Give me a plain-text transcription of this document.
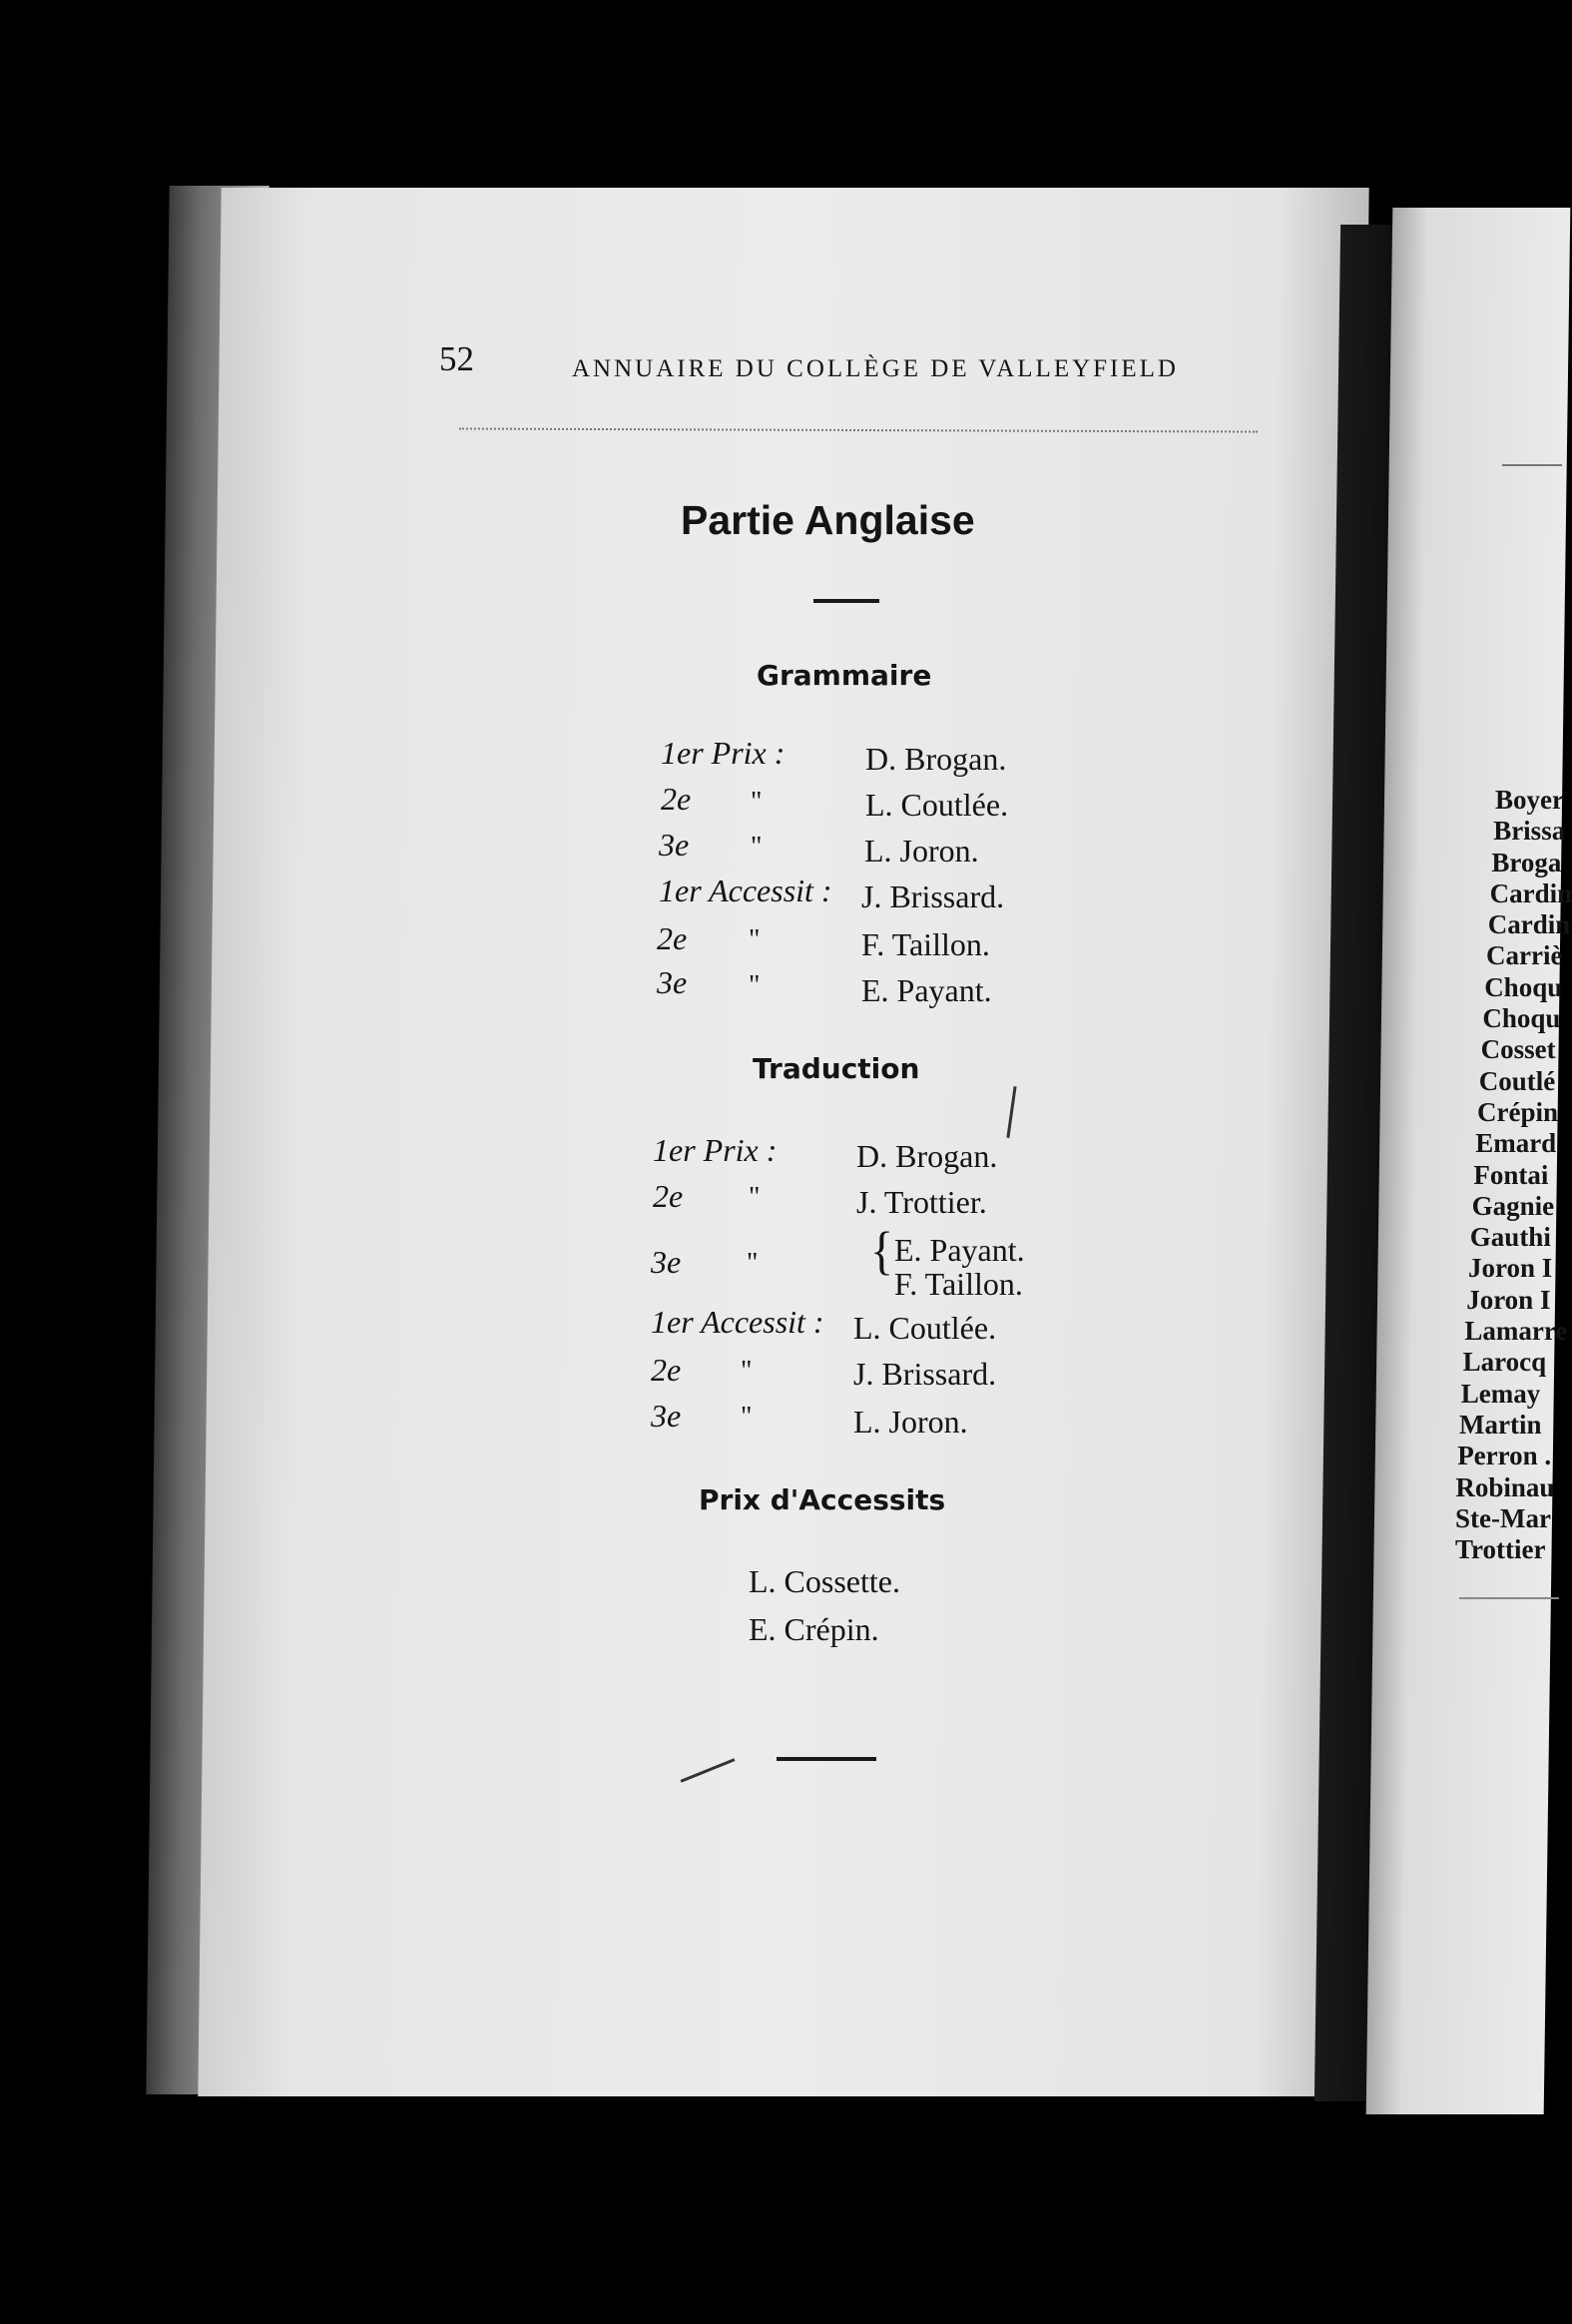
52	ANNUAIRE DU COLLÈGE DE VALLEYFIELD
Partie Anglaise
Grammaire
1er Prix :	D. Brogan.
2e "	L. Coutlée.
3e "	L. Joron.
1er Accessit : J. Brissard.
2e "	F. Taillon.
3e "	E. Payant.
Traduction
1er Prix : D. Brogan.
2e "	J. Trottier.
3e " { E. Payant.
F. Taillon.
1er Accessit : L. Coutlée.
2e "	J. Brissard.
3e "	L. Joron.
Prix d'Accessits
L. Cossette.
E. Crépin.
Boyer
Brissa
Broga
Cardin
Cardin
Carriè
Choqu
Choqu
Cosset
Coutlé
Crépin
Emard
Fontai
Gagnie
Gauthi
Joron I
Joron I
Lamarre
Larocq
Lemay
Martin
Perron .
Robinau
Ste-Mar
Trottier
